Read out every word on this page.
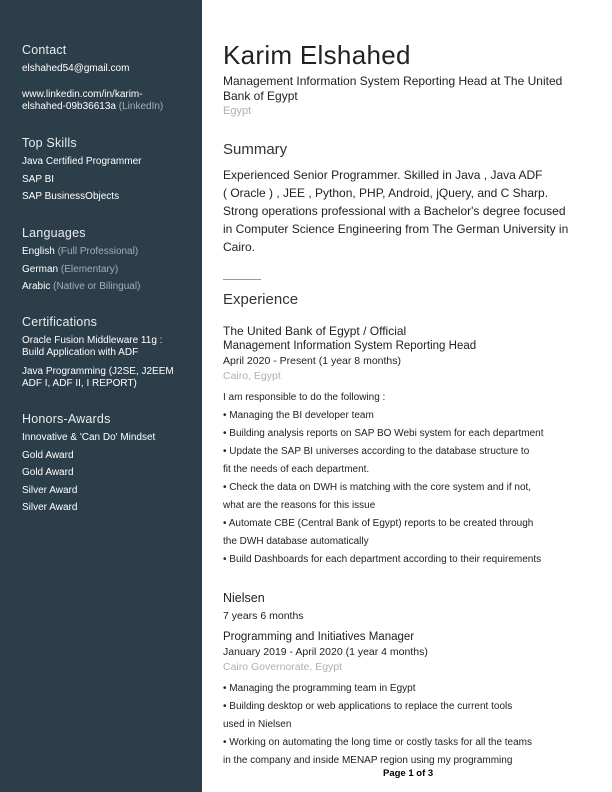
Contact
elshahed54@gmail.com
www.linkedin.com/in/karim-
elshahed-09b36613a (LinkedIn)
Top Skills
Java Certified Programmer
SAP BI
SAP BusinessObjects
Languages
English (Full Professional)
German (Elementary)
Arabic (Native or Bilingual)
Certifications
Oracle Fusion Middleware 11g :
Build Application with ADF
Java Programming (J2SE, J2EEM
ADF I, ADF II, I REPORT)
Honors-Awards
Innovative & 'Can Do' Mindset
Gold Award
Gold Award
Silver Award
Silver Award
Karim Elshahed
Management Information System Reporting Head at The United
Bank of Egypt
Egypt
Summary
Experienced Senior Programmer. Skilled in Java , Java ADF
( Oracle ) , JEE , Python, PHP, Android, jQuery, and C Sharp.
Strong operations professional with a Bachelor's degree focused
in Computer Science Engineering from The German University in
Cairo.
Experience
The United Bank of Egypt / Official
Management Information System Reporting Head
April 2020 - Present (1 year 8 months)
Cairo, Egypt
I am responsible to do the following :
• Managing the BI developer team
• Building analysis reports on SAP BO Webi system for each department
• Update the SAP BI universes according to the database structure to
fit the needs of each department.
• Check the data on DWH is matching with the core system and if not,
what are the reasons for this issue
• Automate CBE (Central Bank of Egypt) reports to be created through
the DWH database automatically
• Build Dashboards for each department according to their requirements
Nielsen
7 years 6 months
Programming and Initiatives Manager
January 2019 - April 2020 (1 year 4 months)
Cairo Governorate, Egypt
• Managing the programming team in Egypt
• Building desktop or web applications to replace the current tools
used in Nielsen
• Working on automating the long time or costly tasks for all the teams
in the company and inside MENAP region using my programming
Page 1 of 3
